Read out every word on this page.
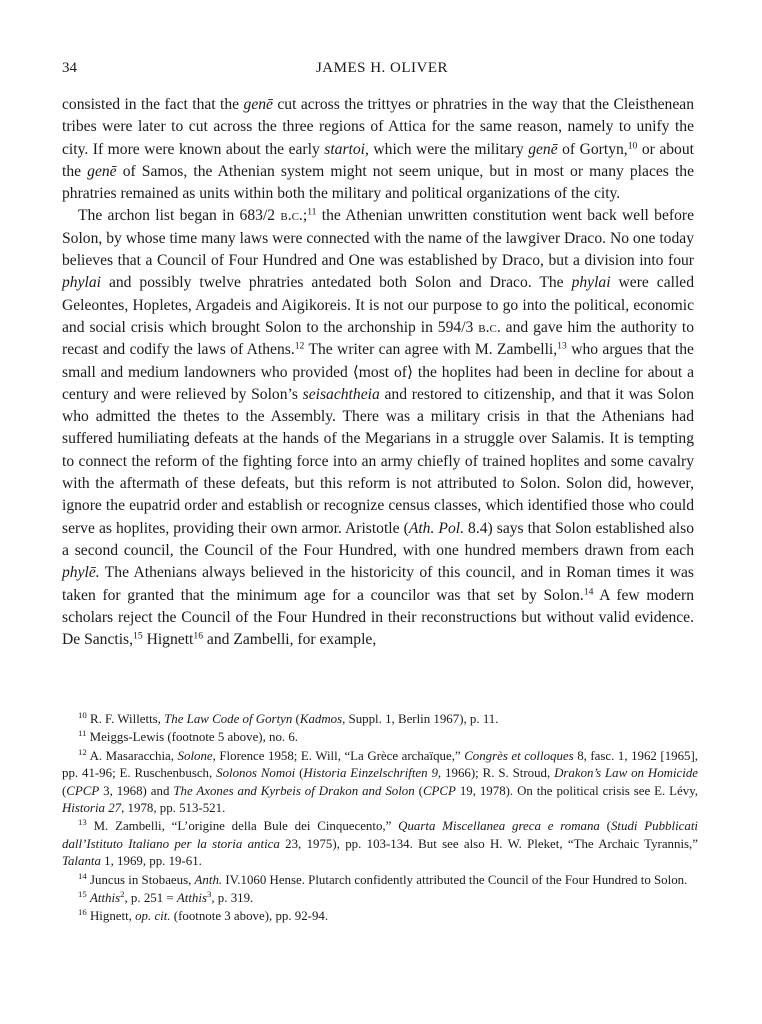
34	JAMES H. OLIVER

consisted in the fact that the genē cut across the trittyes or phratries in the way that the Cleisthenean tribes were later to cut across the three regions of Attica for the same reason, namely to unify the city. If more were known about the early startoi, which were the military genē of Gortyn,$^{10}$ or about the genē of Samos, the Athenian system might not seem unique, but in most or many places the phratries remained as units within both the military and political organizations of the city.

The archon list began in 683/2 b.c.;$^{11}$ the Athenian unwritten constitution went back well before Solon, by whose time many laws were connected with the name of the lawgiver Draco. No one today believes that a Council of Four Hundred and One was established by Draco, but a division into four phylai and possibly twelve phratries antedated both Solon and Draco. The phylai were called Geleontes, Hopletes, Argadeis and Aigikoreis. It is not our purpose to go into the political, economic and social crisis which brought Solon to the archonship in 594/3 b.c. and gave him the authority to recast and codify the laws of Athens.$^{12}$ The writer can agree with M. Zambelli,$^{13}$ who argues that the small and medium landowners who provided ⟨most of⟩ the hoplites had been in decline for about a century and were relieved by Solon’s seisachtheia and restored to citizenship, and that it was Solon who admitted the thetes to the Assembly. There was a military crisis in that the Athenians had suffered humiliating defeats at the hands of the Megarians in a struggle over Salamis. It is tempting to connect the reform of the fighting force into an army chiefly of trained hoplites and some cavalry with the aftermath of these defeats, but this reform is not attributed to Solon. Solon did, however, ignore the eupatrid order and establish or recognize census classes, which identified those who could serve as hoplites, providing their own armor. Aristotle (Ath. Pol. 8.4) says that Solon established also a second council, the Council of the Four Hundred, with one hundred members drawn from each phylē. The Athenians always believed in the historicity of this council, and in Roman times it was taken for granted that the minimum age for a councilor was that set by Solon.$^{14}$ A few modern scholars reject the Council of the Four Hundred in their reconstructions but without valid evidence. De Sanctis,$^{15}$ Hignett$^{16}$ and Zambelli, for example,

$^{10}$ R. F. Willetts, The Law Code of Gortyn (Kadmos, Suppl. 1, Berlin 1967), p. 11.

$^{11}$ Meiggs-Lewis (footnote 5 above), no. 6.

$^{12}$ A. Masaracchia, Solone, Florence 1958; E. Will, “La Grèce archaïque,” Congrès et colloques 8, fasc. 1, 1962 [1965], pp. 41-96; E. Ruschenbusch, Solonos Nomoi (Historia Einzelschriften 9, 1966); R. S. Stroud, Drakon’s Law on Homicide (CPCP 3, 1968) and The Axones and Kyrbeis of Drakon and Solon (CPCP 19, 1978). On the political crisis see E. Lévy, Historia 27, 1978, pp. 513-521.

$^{13}$ M. Zambelli, “L’origine della Bule dei Cinquecento,” Quarta Miscellanea greca e romana (Studi Pubblicati dall’Istituto Italiano per la storia antica 23, 1975), pp. 103-134. But see also H. W. Pleket, “The Archaic Tyrannis,” Talanta 1, 1969, pp. 19-61.

$^{14}$ Juncus in Stobaeus, Anth. IV.1060 Hense. Plutarch confidently attributed the Council of the Four Hundred to Solon.

$^{15}$ Atthis$^2$, p. 251 = Atthis$^3$, p. 319.

$^{16}$ Hignett, op. cit. (footnote 3 above), pp. 92-94.
